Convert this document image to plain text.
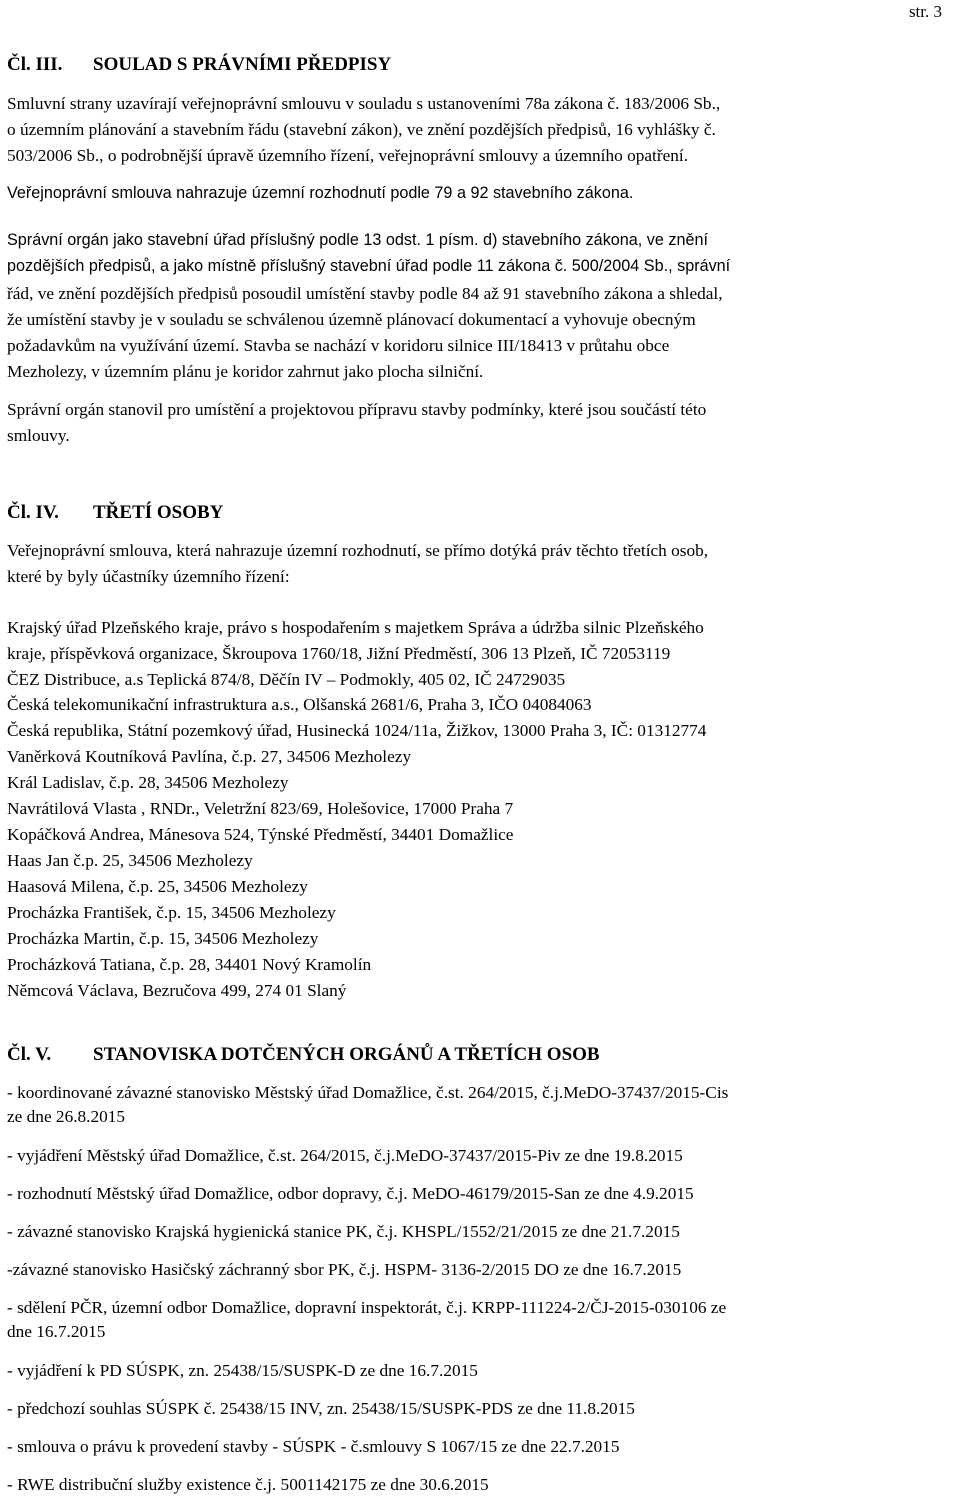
str. 3
Čl. III. SOULAD S PRÁVNÍMI PŘEDPISY
Smluvní strany uzavírají veřejnoprávní smlouvu v souladu s ustanoveními 78a zákona č. 183/2006 Sb.,
o územním plánování a stavebním řádu (stavební zákon), ve znění pozdějších předpisů, 16 vyhlášky č.
503/2006 Sb., o podrobnější úpravě územního řízení, veřejnoprávní smlouvy a územního opatření.
Veřejnoprávní smlouva nahrazuje územní rozhodnutí podle 79 a 92 stavebního zákona.
Správní orgán jako stavební úřad příslušný podle 13 odst. 1 písm. d) stavebního zákona, ve znění
pozdějších předpisů, a jako místně příslušný stavební úřad podle 11 zákona č. 500/2004 Sb., správní
řád, ve znění pozdějších předpisů posoudil umístění stavby podle 84 až 91 stavebního zákona a shledal,
že umístění stavby je v souladu se schválenou územně plánovací dokumentací a vyhovuje obecným
požadavkům na využívání území. Stavba se nachází v koridoru silnice III/18413 v průtahu obce
Mezholezy, v územním plánu je koridor zahrnut jako plocha silniční.
Správní orgán stanovil pro umístění a projektovou přípravu stavby podmínky, které jsou součástí této
smlouvy.
Čl. IV. TŘETÍ OSOBY
Veřejnoprávní smlouva, která nahrazuje územní rozhodnutí, se přímo dotýká práv těchto třetích osob,
které by byly účastníky územního řízení:
Krajský úřad Plzeňského kraje, právo s hospodařením s majetkem Správa a údržba silnic Plzeňského
kraje, příspěvková organizace, Škroupova 1760/18, Jižní Předměstí, 306 13 Plzeň, IČ 72053119
ČEZ Distribuce, a.s Teplická 874/8, Děčín IV – Podmokly, 405 02, IČ 24729035
Česká telekomunikační infrastruktura a.s., Olšanská 2681/6, Praha 3, IČO 04084063
Česká republika, Státní pozemkový úřad, Husinecká 1024/11a, Žižkov, 13000 Praha 3, IČ: 01312774
Vaněrková Koutníková Pavlína, č.p. 27, 34506 Mezholezy
Král Ladislav, č.p. 28, 34506 Mezholezy
Navrátilová Vlasta , RNDr., Veletržní 823/69, Holešovice, 17000 Praha 7
Kopáčková Andrea, Mánesova 524, Týnské Předměstí, 34401 Domažlice
Haas Jan č.p. 25, 34506 Mezholezy
Haasová Milena, č.p. 25, 34506 Mezholezy
Procházka František, č.p. 15, 34506 Mezholezy
Procházka Martin, č.p. 15, 34506 Mezholezy
Procházková Tatiana, č.p. 28, 34401 Nový Kramolín
Němcová Václava, Bezručova 499, 274 01 Slaný
Čl. V. STANOVISKA DOTČENÝCH ORGÁNŮ A TŘETÍCH OSOB
- koordinované závazné stanovisko Městský úřad Domažlice, č.st. 264/2015, č.j.MeDO-37437/2015-Cis
ze dne 26.8.2015
- vyjádření Městský úřad Domažlice, č.st. 264/2015, č.j.MeDO-37437/2015-Piv ze dne 19.8.2015
- rozhodnutí Městský úřad Domažlice, odbor dopravy, č.j. MeDO-46179/2015-San ze dne 4.9.2015
- závazné stanovisko Krajská hygienická stanice PK, č.j. KHSPL/1552/21/2015 ze dne 21.7.2015
-závazné stanovisko Hasičský záchranný sbor PK, č.j. HSPM- 3136-2/2015 DO ze dne 16.7.2015
- sdělení PČR, územní odbor Domažlice, dopravní inspektorát, č.j. KRPP-111224-2/ČJ-2015-030106 ze
dne 16.7.2015
- vyjádření k PD SÚSPK, zn. 25438/15/SUSPK-D ze dne 16.7.2015
- předchozí souhlas SÚSPK č. 25438/15 INV, zn. 25438/15/SUSPK-PDS ze dne 11.8.2015
- smlouva o právu k provedení stavby - SÚSPK - č.smlouvy S 1067/15 ze dne 22.7.2015
- RWE distribuční služby existence č.j. 5001142175 ze dne 30.6.2015
